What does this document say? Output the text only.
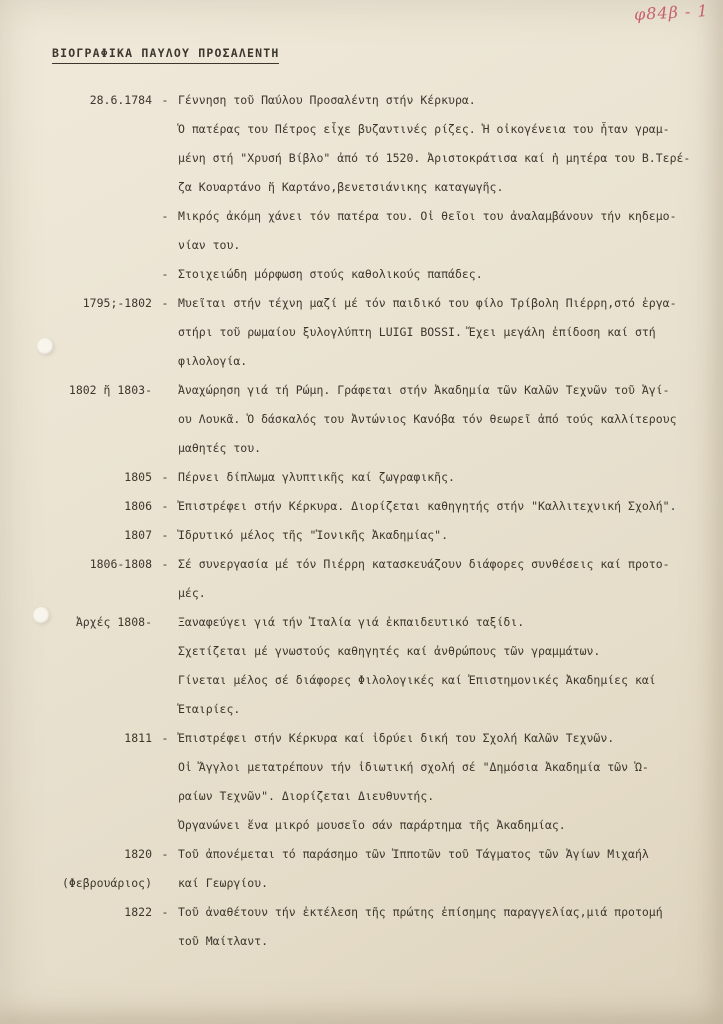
φ84β - 1
ΒΙΟΓΡΑΦΙΚΑ ΠΑΥΛΟΥ ΠΡΟΣΑΛΕΝΤΗ
28.6.1784 - Γέννηση τοῦ Παύλου Προσαλέντη στήν Κέρκυρα.
Ὁ πατέρας του Πέτρος εἶχε βυζαντινές ρίζες. Ἡ οἰκογένεια του ἦταν γραμ-
μένη στή "Χρυσή Βίβλο" ἀπό τό 1520. Ἀριστοκράτισα καί ἡ μητέρα του Β.Τερέ-
ζα Κουαρτάνο ἤ Καρτάνο,βενετσιάνικης καταγωγῆς.
- Μικρός ἀκόμη χάνει τόν πατέρα του. Οἱ θεῖοι του ἀναλαμβάνουν τήν κηδεμο-
νίαν του.
- Στοιχειώδη μόρφωση στούς καθολικούς παπάδες.
1795;-1802 - Μυεῖται στήν τέχνη μαζί μέ τόν παιδικό του φίλο Τρίβολη Πιέρρη,στό ἐργα-
στήρι τοῦ ρωμαίου ξυλογλύπτη LUIGI BOSSI. Ἔχει μεγάλη ἐπίδοση καί στή
φιλολογία.
1802 ἤ 1803- Ἀναχώρηση γιά τή Ρώμη. Γράφεται στήν Ἀκαδημία τῶν Καλῶν Τεχνῶν τοῦ Ἁγί-
ου Λουκᾶ. Ὁ δάσκαλός του Ἀντώνιος Κανόβα τόν θεωρεῖ ἀπό τούς καλλίτερους
μαθητές του.
1805 - Πέρνει δίπλωμα γλυπτικῆς καί ζωγραφικῆς.
1806 - Ἐπιστρέφει στήν Κέρκυρα. Διορίζεται καθηγητής στήν "Καλλιτεχνική Σχολή".
1807 - Ἱδρυτικό μέλος τῆς "Ἰονικῆς Ἀκαδημίας".
1806-1808 - Σέ συνεργασία μέ τόν Πιέρρη κατασκευάζουν διάφορες συνθέσεις καί προτο-
μές.
Ἀρχές 1808- Ξαναφεύγει γιά τήν Ἰταλία γιά ἐκπαιδευτικό ταξίδι.
Σχετίζεται μέ γνωστούς καθηγητές καί ἀνθρώπους τῶν γραμμάτων.
Γίνεται μέλος σέ διάφορες Φιλολογικές καί Ἐπιστημονικές Ἀκαδημίες καί
Ἑταιρίες.
1811 - Ἐπιστρέφει στήν Κέρκυρα καί ἱδρύει δική του Σχολή Καλῶν Τεχνῶν.
Οἱ Ἄγγλοι μετατρέπουν τήν ἰδιωτική σχολή σέ "Δημόσια Ἀκαδημία τῶν Ὡ-
ραίων Τεχνῶν". Διορίζεται Διευθυντής.
Ὀργανώνει ἕνα μικρό μουσεῖο σάν παράρτημα τῆς Ἀκαδημίας.
1820
(Φεβρουάριος)
- Τοῦ ἀπονέμεται τό παράσημο τῶν Ἱπποτῶν τοῦ Τάγματος τῶν Ἁγίων Μιχαήλ
καί Γεωργίου.
1822 - Τοῦ ἀναθέτουν τήν ἐκτέλεση τῆς πρώτης ἐπίσημης παραγγελίας,μιά προτομή
τοῦ Μαίτλαντ.
